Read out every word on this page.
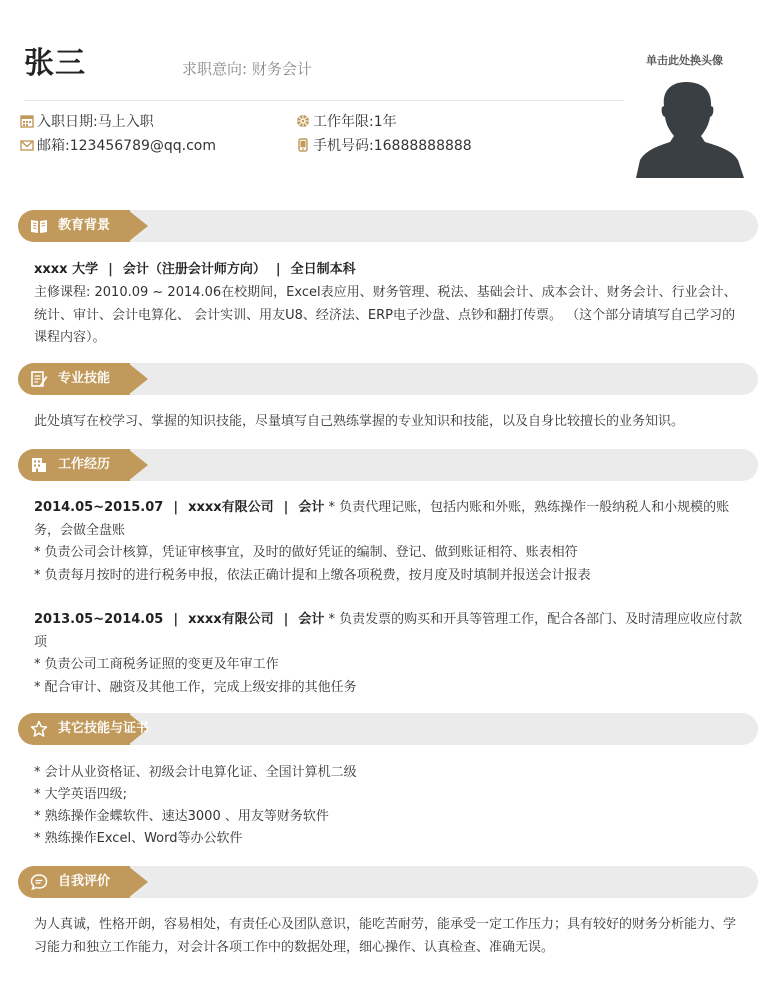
张三	求职意向: 财务会计	单击此处换头像
入职日期:马上入职	工作年限:1年
邮箱:123456789@qq.com	手机号码:16888888888
教育背景
xxxx 大学 | 会计（注册会计师方向） | 全日制本科
主修课程: 2010.09 ~ 2014.06在校期间，Excel表应用、财务管理、税法、基础会计、成本会计、财务会计、行业会计、统计、审计、会计电算化、 会计实训、用友U8、经济法、ERP电子沙盘、点钞和翻打传票。 （这个部分请填写自己学习的课程内容）。
专业技能
此处填写在校学习、掌握的知识技能，尽量填写自己熟练掌握的专业知识和技能，以及自身比较擅长的业务知识。
工作经历
2014.05~2015.07 | xxxx有限公司 | 会计 * 负责代理记账，包括内账和外账，熟练操作一般纳税人和小规模的账务，会做全盘账
* 负责公司会计核算，凭证审核事宜，及时的做好凭证的编制、登记、做到账证相符、账表相符
* 负责每月按时的进行税务申报，依法正确计提和上缴各项税费，按月度及时填制并报送会计报表
2013.05~2014.05 | xxxx有限公司 | 会计 * 负责发票的购买和开具等管理工作，配合各部门、及时清理应收应付款项
* 负责公司工商税务证照的变更及年审工作
* 配合审计、融资及其他工作，完成上级安排的其他任务
其它技能与证书
* 会计从业资格证、初级会计电算化证、全国计算机二级
* 大学英语四级;
* 熟练操作金蝶软件、速达3000 、用友等财务软件
* 熟练操作Excel、Word等办公软件
自我评价
为人真诚，性格开朗，容易相处，有责任心及团队意识，能吃苦耐劳，能承受一定工作压力；具有较好的财务分析能力、学习能力和独立工作能力，对会计各项工作中的数据处理，细心操作、认真检查、准确无误。
